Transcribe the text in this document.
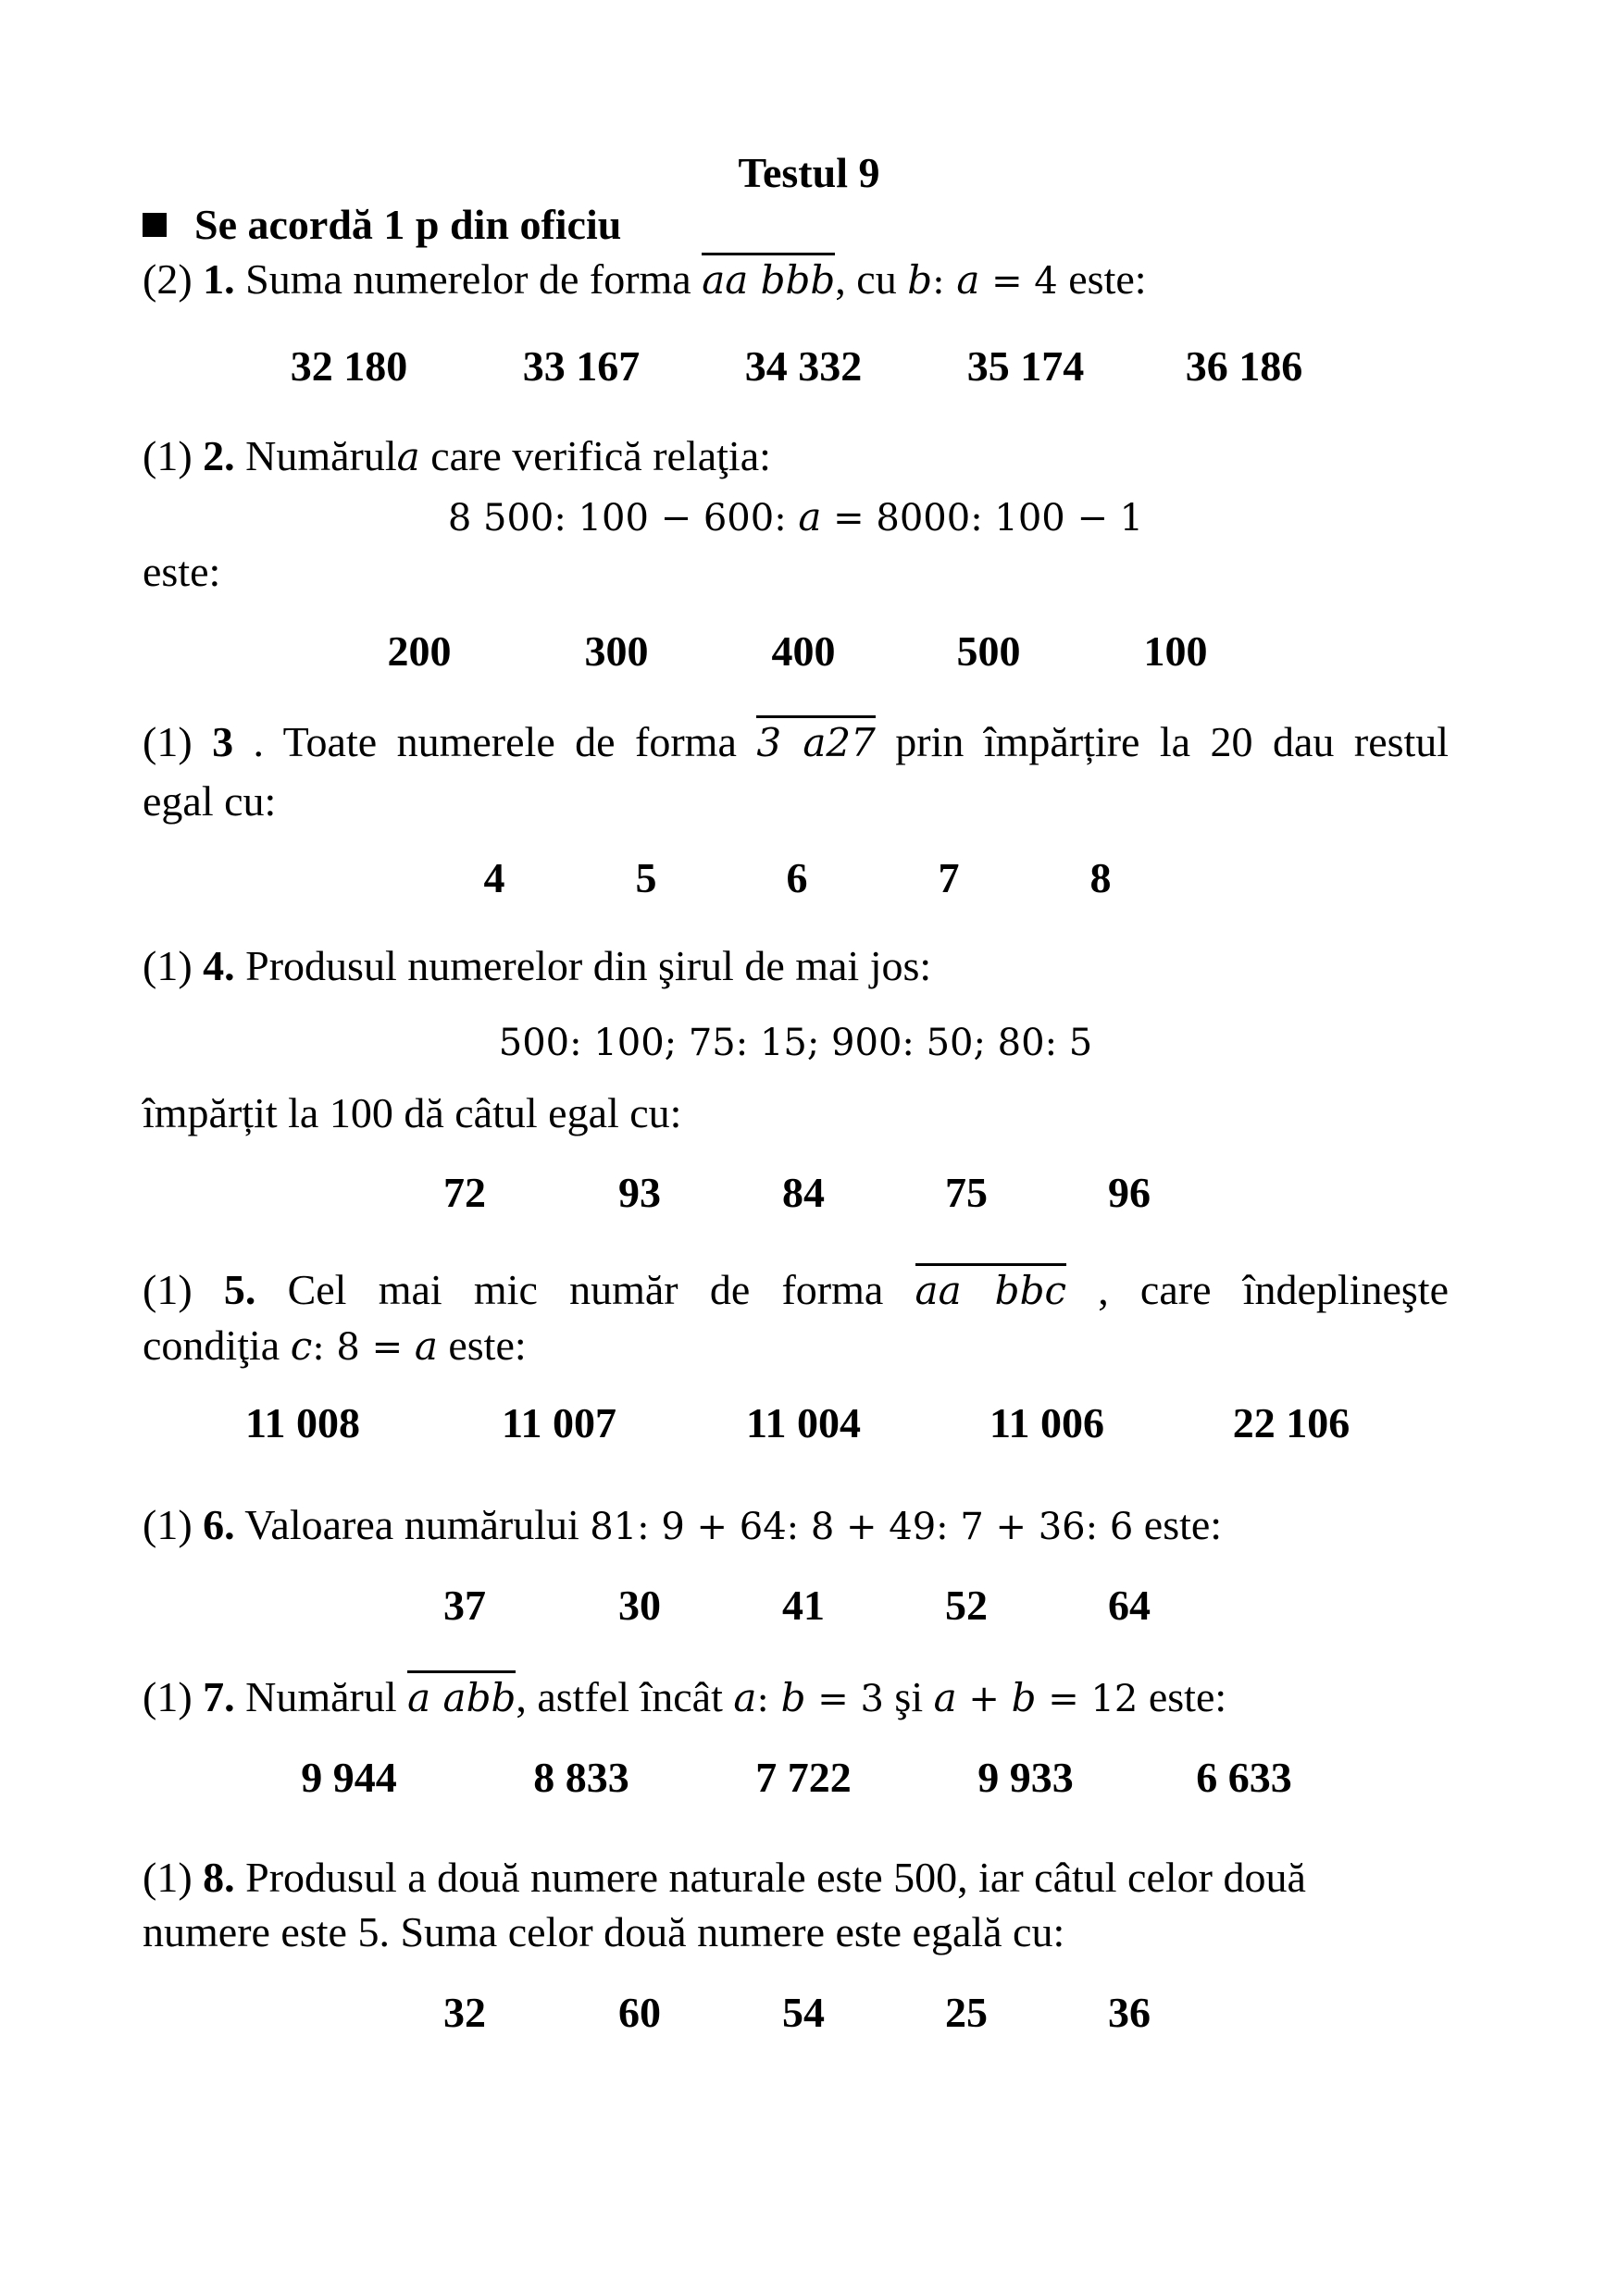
Testul 9
Se acordă 1 p din oficiu
(2) 1. Suma numerelor de forma aa bbb, cu b: a = 4 este:
32 180	33 167 34 332 35 174 36 186
(1) 2. Numărula care verifică relaţia:
8 500: 100 − 600: a = 8000: 100 − 1
este:
200	300	400	500	100
(1) 3 . Toate numerele de forma 3 a27 prin împărțire la 20 dau restul
egal cu:
4	5	6	7	8
(1) 4. Produsul numerelor din şirul de mai jos:
500: 100; 75: 15; 900: 50; 80: 5
împărțit la 100 dă câtul egal cu:
72	93	84	75	96
(1) 5. Cel mai mic număr de forma aa bbc , care îndeplineşte
condiţia c: 8 = a este:
11 008	11 007	11 004	11 006	22 106
(1) 6. Valoarea numărului 81: 9 + 64: 8 + 49: 7 + 36: 6 este:
37	30	41	52	64
(1) 7. Numărul a abb, astfel încât a: b = 3 şi a + b = 12 este:
9 944	8 833	7 722	9 933	6 633
(1) 8. Produsul a două numere naturale este 500, iar câtul celor două
numere este 5. Suma celor două numere este egală cu:
32	60	54	25	36
